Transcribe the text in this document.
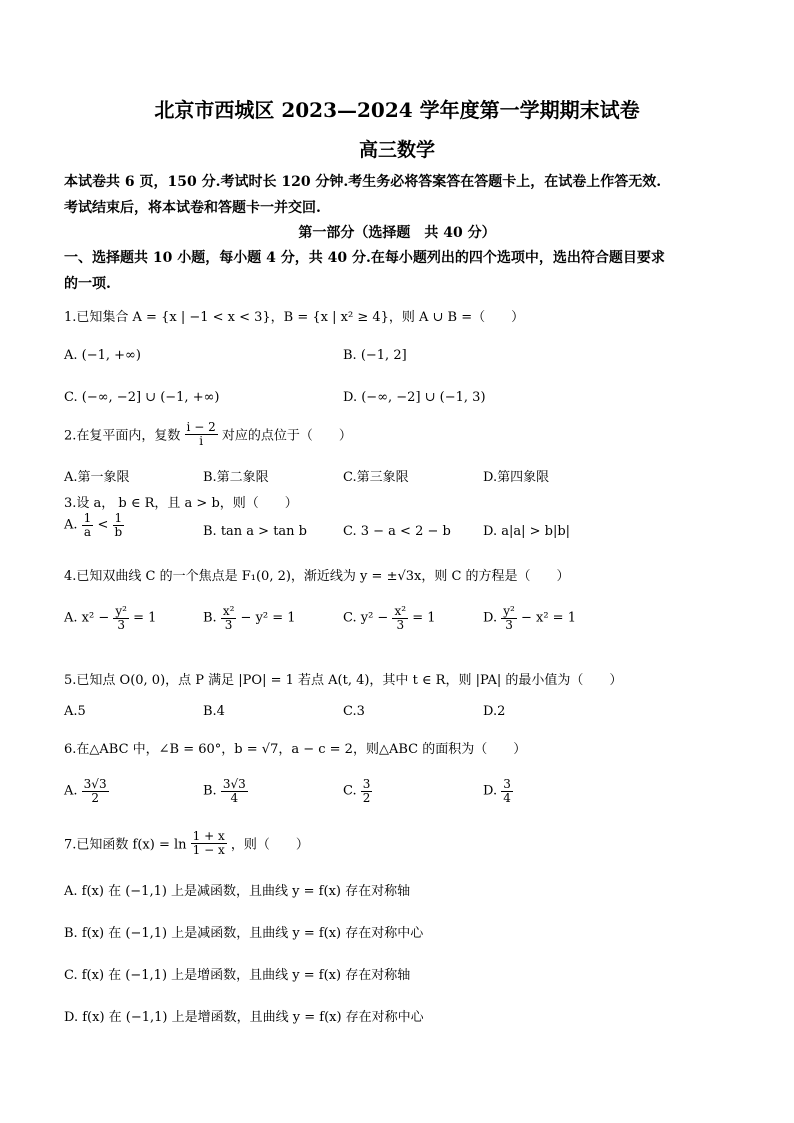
北京市西城区 2023—2024 学年度第一学期期末试卷
高三数学
本试卷共 6 页，150 分.考试时长 120 分钟.考生务必将答案答在答题卡上，在试卷上作答无效.
考试结束后，将本试卷和答题卡一并交回.
第一部分（选择题　共 40 分）
一、选择题共 10 小题，每小题 4 分，共 40 分.在每小题列出的四个选项中，选出符合题目要求
的一项.
1.已知集合 A = {x | −1 < x < 3}，B = {x | x² ≥ 4}，则 A ∪ B =（　　）
A. (−1, +∞)	B. (−1, 2]
C. (−∞, −2] ∪ (−1, +∞)	D. (−∞, −2] ∪ (−1, 3)
2.在复平面内，复数 $\frac{i - 2}{i}$ 对应的点位于（　　）
A.第一象限	B.第二象限	C.第三象限	D.第四象限
3.设 a， b ∈ R，且 a > b，则（　　）
A. $\frac{1}{a} < \frac{1}{b}$	B. tan a > tan b	C. 3 − a < 2 − b D. a|a| > b|b|
4.已知双曲线 C 的一个焦点是 F₁(0, 2)，渐近线为 y = ±√3x，则 C 的方程是（　　）
A. $x^2 - \frac{\text{y²}}{3} = 1$	B. $\frac{\text{x²}}{3} - y^2 = 1$	C. $y^2 - \frac{\text{x²}}{3} = 1$	D. $\frac{\text{y²}}{3} - x^2 = 1$
5.已知点 O(0, 0)，点 P 满足 |PO| = 1 若点 A(t, 4)，其中 t ∈ R，则 |PA| 的最小值为（　　）
A.5	B.4	C.3	D.2
6.在△ABC 中，∠B = 60°，b = √7，a − c = 2，则△ABC 的面积为（　　）
A. $\frac{3√3}{2}$	B. $\frac{3√3}{4}$	C. $\frac{3}{2}$	D. $\frac{3}{4}$
7.已知函数 $f(x) = \ln \frac{1 + x}{1 - x}$ ，则（　　）
A. f(x) 在 (−1,1) 上是减函数，且曲线 y = f(x) 存在对称轴
B. f(x) 在 (−1,1) 上是减函数，且曲线 y = f(x) 存在对称中心
C. f(x) 在 (−1,1) 上是增函数，且曲线 y = f(x) 存在对称轴
D. f(x) 在 (−1,1) 上是增函数，且曲线 y = f(x) 存在对称中心
